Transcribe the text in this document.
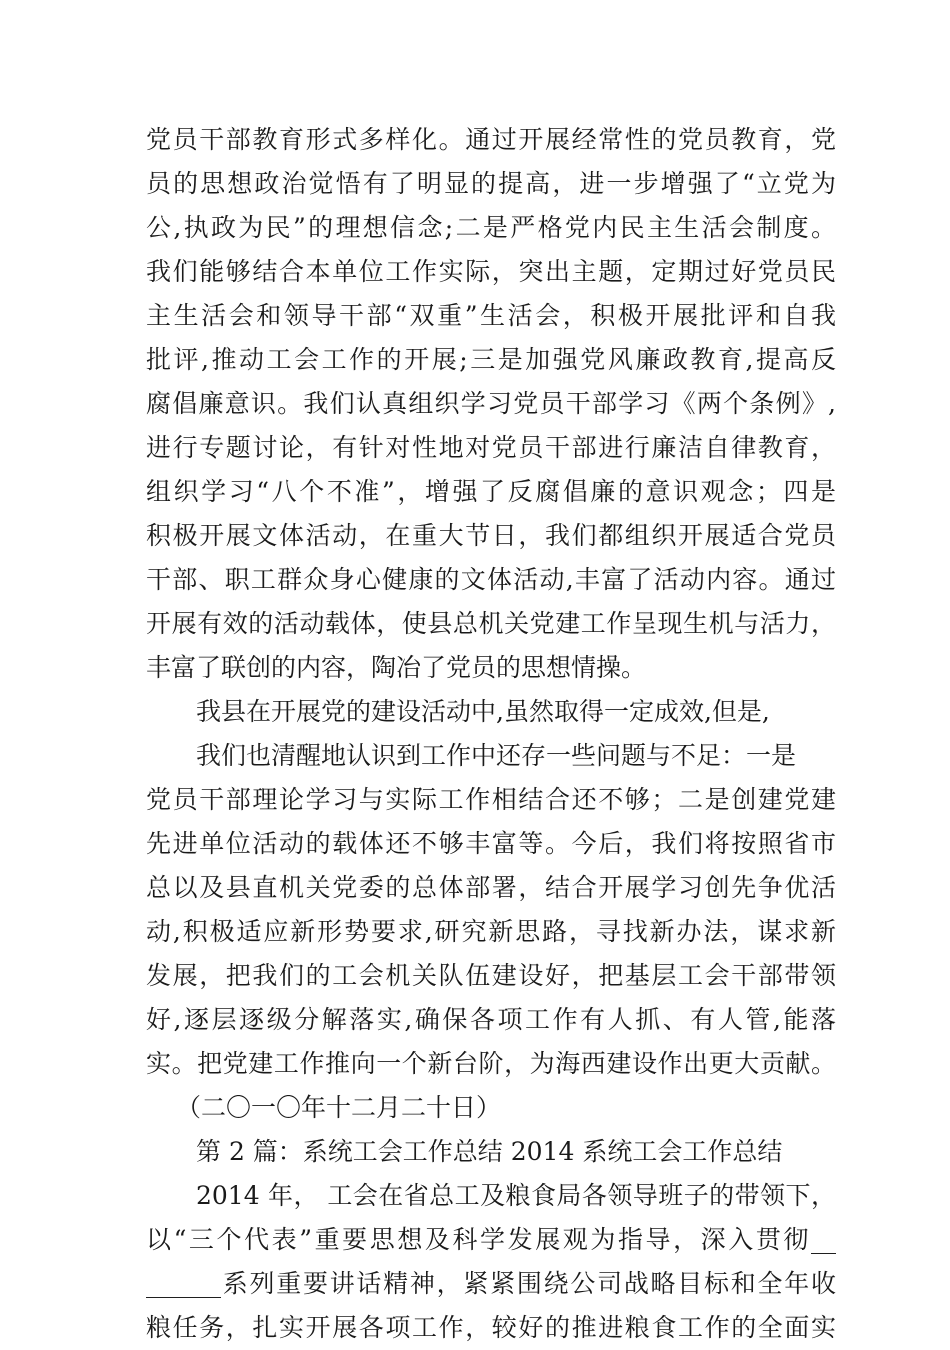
党员干部教育形式多样化。通过开展经常性的党员教育，党
员的思想政治觉悟有了明显的提高，进一步增强了“立党为
公,执政为民”的理想信念;二是严格党内民主生活会制度。
我们能够结合本单位工作实际，突出主题，定期过好党员民
主生活会和领导干部“双重”生活会，积极开展批评和自我
批评,推动工会工作的开展;三是加强党风廉政教育,提高反
腐倡廉意识。我们认真组织学习党员干部学习《两个条例》,
进行专题讨论，有针对性地对党员干部进行廉洁自律教育，
组织学习“八个不准”，增强了反腐倡廉的意识观念；四是
积极开展文体活动，在重大节日，我们都组织开展适合党员
干部、职工群众身心健康的文体活动,丰富了活动内容。通过
开展有效的活动载体，使县总机关党建工作呈现生机与活力，
丰富了联创的内容，陶冶了党员的思想情操。
我县在开展党的建设活动中,虽然取得一定成效,但是,
我们也清醒地认识到工作中还存一些问题与不足：一是
党员干部理论学习与实际工作相结合还不够；二是创建党建
先进单位活动的载体还不够丰富等。今后，我们将按照省市
总以及县直机关党委的总体部署，结合开展学习创先争优活
动,积极适应新形势要求,研究新思路，寻找新办法，谋求新
发展，把我们的工会机关队伍建设好，把基层工会干部带领
好,逐层逐级分解落实,确保各项工作有人抓、有人管,能落
实。把党建工作推向一个新台阶，为海西建设作出更大贡献。
（二〇一〇年十二月二十日）
第 2 篇：系统工会工作总结 2014 系统工会工作总结
2014 年， 工会在省总工及粮食局各领导班子的带领下，
以“三个代表”重要思想及科学发展观为指导，深入贯彻__
______系列重要讲话精神，紧紧围绕公司战略目标和全年收
粮任务，扎实开展各项工作，较好的推进粮食工作的全面实
